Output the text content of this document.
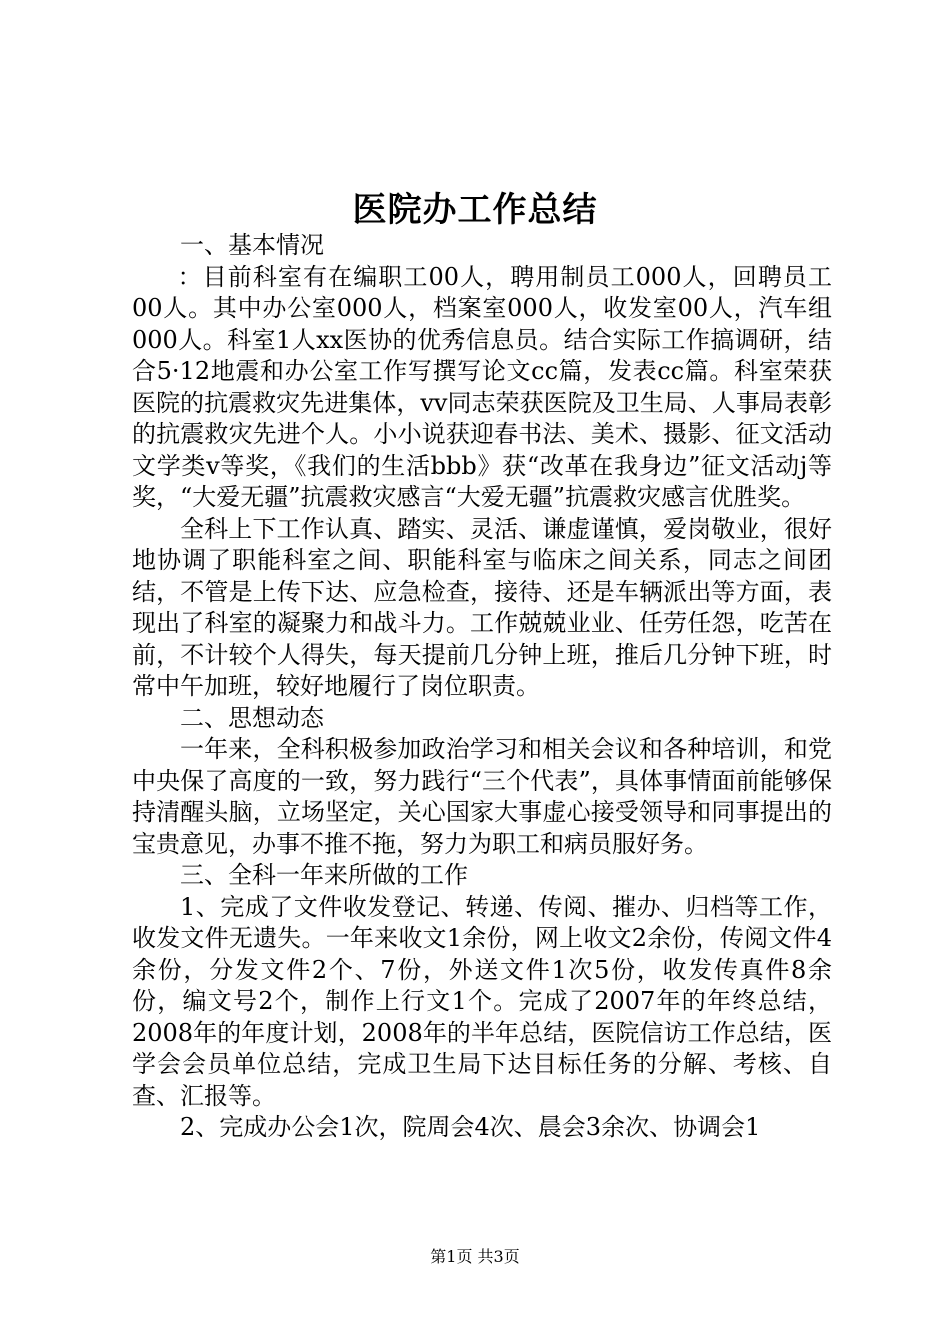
医院办工作总结

一、基本情况

：目前科室有在编职工00人，聘用制员工000人，回聘员工00人。其中办公室000人，档案室000人，收发室00人，汽车组000人。科室1人xx医协的优秀信息员。结合实际工作搞调研，结合5·12地震和办公室工作写撰写论文cc篇，发表cc篇。科室荣获医院的抗震救灾先进集体，vv同志荣获医院及卫生局、人事局表彰的抗震救灾先进个人。小小说获迎春书法、美术、摄影、征文活动文学类v等奖，《我们的生活bbb》获“改革在我身边”征文活动j等奖，“大爱无疆”抗震救灾感言“大爱无疆”抗震救灾感言优胜奖。

全科上下工作认真、踏实、灵活、谦虚谨慎，爱岗敬业，很好地协调了职能科室之间、职能科室与临床之间关系，同志之间团结，不管是上传下达、应急检查，接待、还是车辆派出等方面，表现出了科室的凝聚力和战斗力。工作兢兢业业、任劳任怨，吃苦在前，不计较个人得失，每天提前几分钟上班，推后几分钟下班，时常中午加班，较好地履行了岗位职责。

二、思想动态

一年来，全科积极参加政治学习和相关会议和各种培训，和党中央保了高度的一致，努力践行“三个代表”，具体事情面前能够保持清醒头脑，立场坚定，关心国家大事虚心接受领导和同事提出的宝贵意见，办事不推不拖，努力为职工和病员服好务。

三、全科一年来所做的工作

1、完成了文件收发登记、转递、传阅、摧办、归档等工作，收发文件无遗失。一年来收文1余份，网上收文2余份，传阅文件4余份，分发文件2个、7份，外送文件1次5份，收发传真件8余份，编文号2个，制作上行文1个。完成了2007年的年终总结，2008年的年度计划，2008年的半年总结，医院信访工作总结，医学会会员单位总结，完成卫生局下达目标任务的分解、考核、自查、汇报等。

2、完成办公会1次，院周会4次、晨会3余次、协调会1

第1页 共3页
